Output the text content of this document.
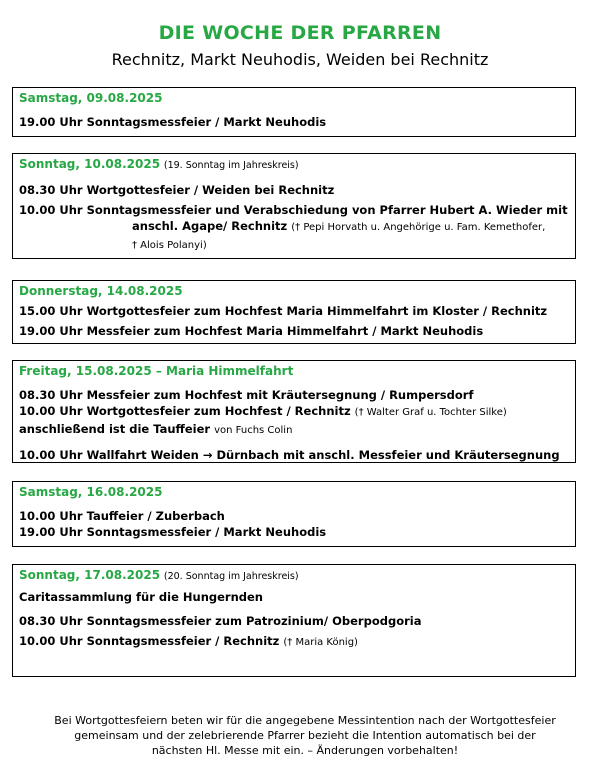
DIE WOCHE DER PFARREN
Rechnitz, Markt Neuhodis, Weiden bei Rechnitz
Samstag, 09.08.2025
19.00 Uhr Sonntagsmessfeier / Markt Neuhodis
Sonntag, 10.08.2025 (19. Sonntag im Jahreskreis)
08.30 Uhr Wortgottesfeier / Weiden bei Rechnitz
10.00 Uhr Sonntagsmessfeier und Verabschiedung von Pfarrer Hubert A. Wieder mit
anschl. Agape/ Rechnitz († Pepi Horvath u. Angehörige u. Fam. Kemethofer,
† Alois Polanyi)
Donnerstag, 14.08.2025
15.00 Uhr Wortgottesfeier zum Hochfest Maria Himmelfahrt im Kloster / Rechnitz
19.00 Uhr Messfeier zum Hochfest Maria Himmelfahrt / Markt Neuhodis
Freitag, 15.08.2025 – Maria Himmelfahrt
08.30 Uhr Messfeier zum Hochfest mit Kräutersegnung / Rumpersdorf
10.00 Uhr Wortgottesfeier zum Hochfest / Rechnitz († Walter Graf u. Tochter Silke)
anschließend ist die Tauffeier von Fuchs Colin
10.00 Uhr Wallfahrt Weiden → Dürnbach mit anschl. Messfeier und Kräutersegnung
Samstag, 16.08.2025
10.00 Uhr Tauffeier / Zuberbach
19.00 Uhr Sonntagsmessfeier / Markt Neuhodis
Sonntag, 17.08.2025 (20. Sonntag im Jahreskreis)
Caritassammlung für die Hungernden
08.30 Uhr Sonntagsmessfeier zum Patrozinium/ Oberpodgoria
10.00 Uhr Sonntagsmessfeier / Rechnitz († Maria König)
Bei Wortgottesfeiern beten wir für die angegebene Messintention nach der Wortgottesfeier
gemeinsam und der zelebrierende Pfarrer bezieht die Intention automatisch bei der
nächsten Hl. Messe mit ein. – Änderungen vorbehalten!
